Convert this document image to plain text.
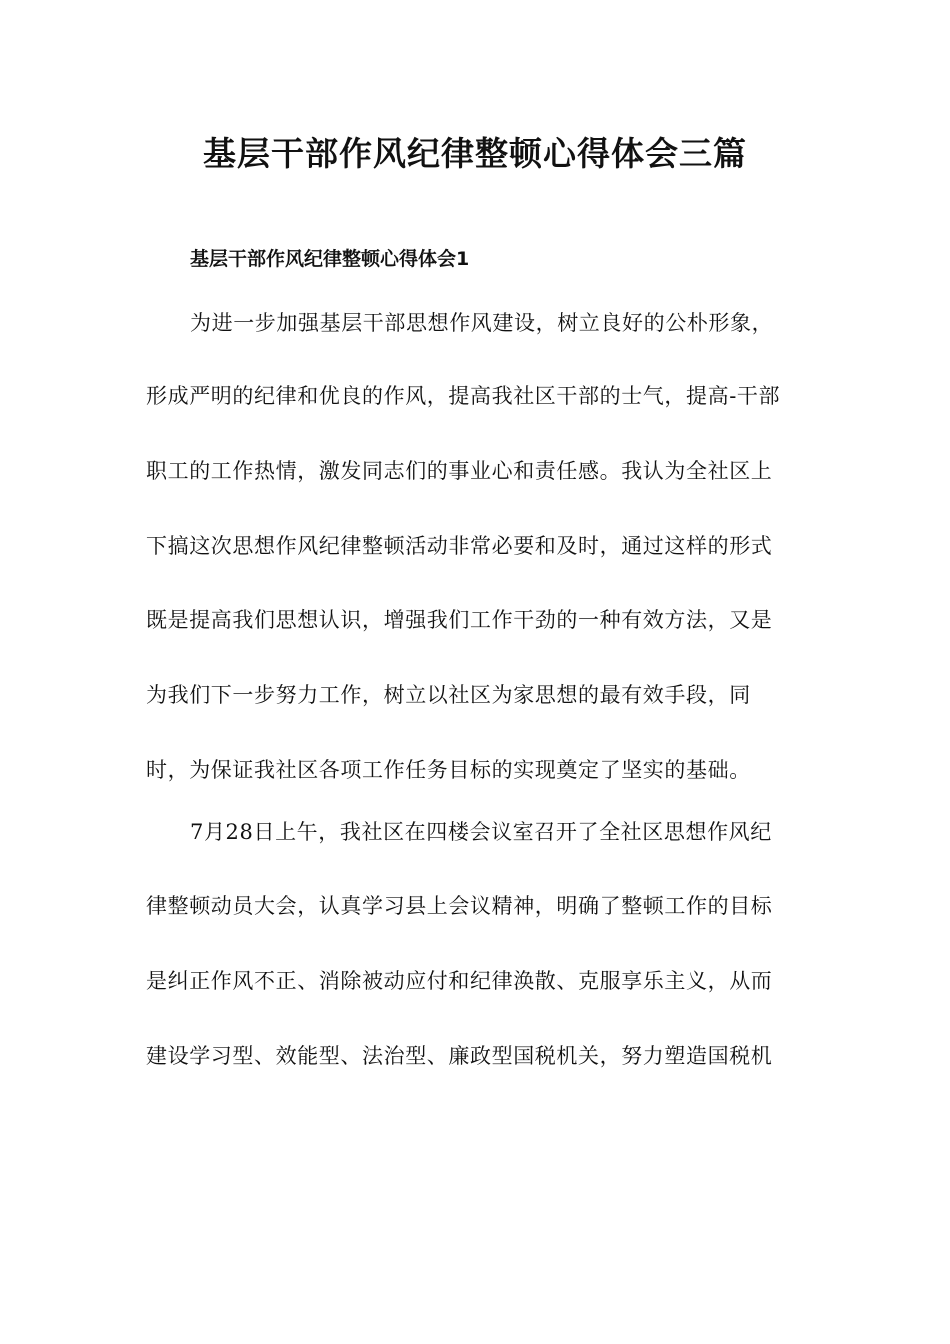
基层干部作风纪律整顿心得体会三篇
基层干部作风纪律整顿心得体会1
为进一步加强基层干部思想作风建设，树立良好的公朴形象，
形成严明的纪律和优良的作风，提高我社区干部的士气，提高-干部
职工的工作热情，激发同志们的事业心和责任感。我认为全社区上
下搞这次思想作风纪律整顿活动非常必要和及时，通过这样的形式
既是提高我们思想认识，增强我们工作干劲的一种有效方法，又是
为我们下一步努力工作，树立以社区为家思想的最有效手段，同
时，为保证我社区各项工作任务目标的实现奠定了坚实的基础。
7月28日上午，我社区在四楼会议室召开了全社区思想作风纪
律整顿动员大会，认真学习县上会议精神，明确了整顿工作的目标
是纠正作风不正、消除被动应付和纪律涣散、克服享乐主义，从而
建设学习型、效能型、法治型、廉政型国税机关，努力塑造国税机
